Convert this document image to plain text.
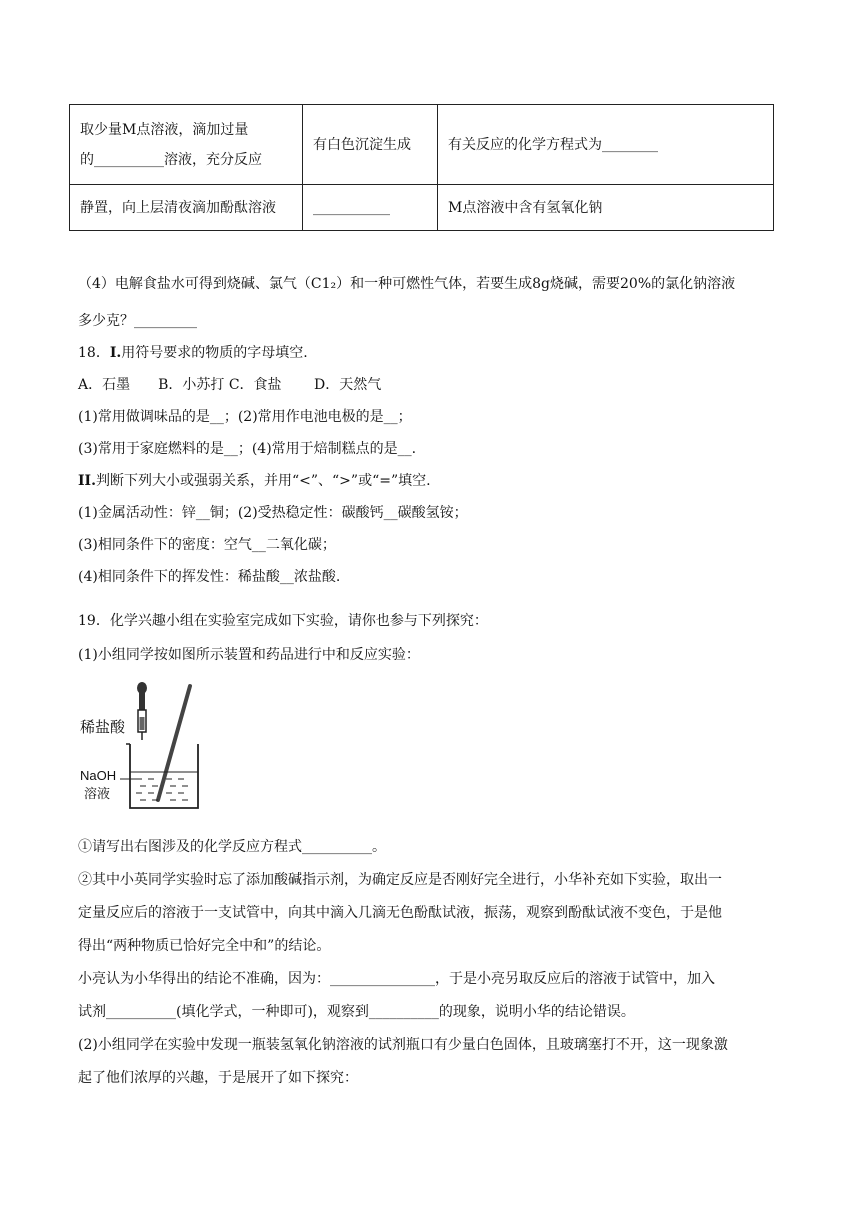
取少量M点溶液，滴加过量
的__________溶液，充分反应	有白色沉淀生成	有关反应的化学方程式为________
静置，向上层清夜滴加酚酞溶液	___________	M点溶液中含有氢氧化钠
（4）电解食盐水可得到烧碱、氯气（C1₂）和一种可燃性气体，若要生成8g烧碱，需要20%的氯化钠溶液
多少克？_________
18．I.用符号要求的物质的字母填空.
A．石墨　　B．小苏打 C．食盐　　 D．天然气
(1)常用做调味品的是__；(2)常用作电池电极的是__；
(3)常用于家庭燃料的是__；(4)常用于焙制糕点的是__.
II.判断下列大小或强弱关系，并用“<”、“>”或“=”填空.
(1)金属活动性：锌__铜；(2)受热稳定性：碳酸钙__碳酸氢铵；
(3)相同条件下的密度：空气__二氧化碳；
(4)相同条件下的挥发性：稀盐酸__浓盐酸.
19．化学兴趣小组在实验室完成如下实验，请你也参与下列探究：
(1)小组同学按如图所示装置和药品进行中和反应实验：
稀盐酸
NaOH
溶液
①请写出右图涉及的化学反应方程式__________。
②其中小英同学实验时忘了添加酸碱指示剂，为确定反应是否刚好完全进行，小华补充如下实验，取出一
定量反应后的溶液于一支试管中，向其中滴入几滴无色酚酞试液，振荡，观察到酚酞试液不变色，于是他
得出“两种物质已恰好完全中和”的结论。
小亮认为小华得出的结论不准确，因为：_______________，于是小亮另取反应后的溶液于试管中，加入
试剂__________(填化学式，一种即可)，观察到__________的现象，说明小华的结论错误。
(2)小组同学在实验中发现一瓶装氢氧化钠溶液的试剂瓶口有少量白色固体，且玻璃塞打不开，这一现象激
起了他们浓厚的兴趣，于是展开了如下探究：
